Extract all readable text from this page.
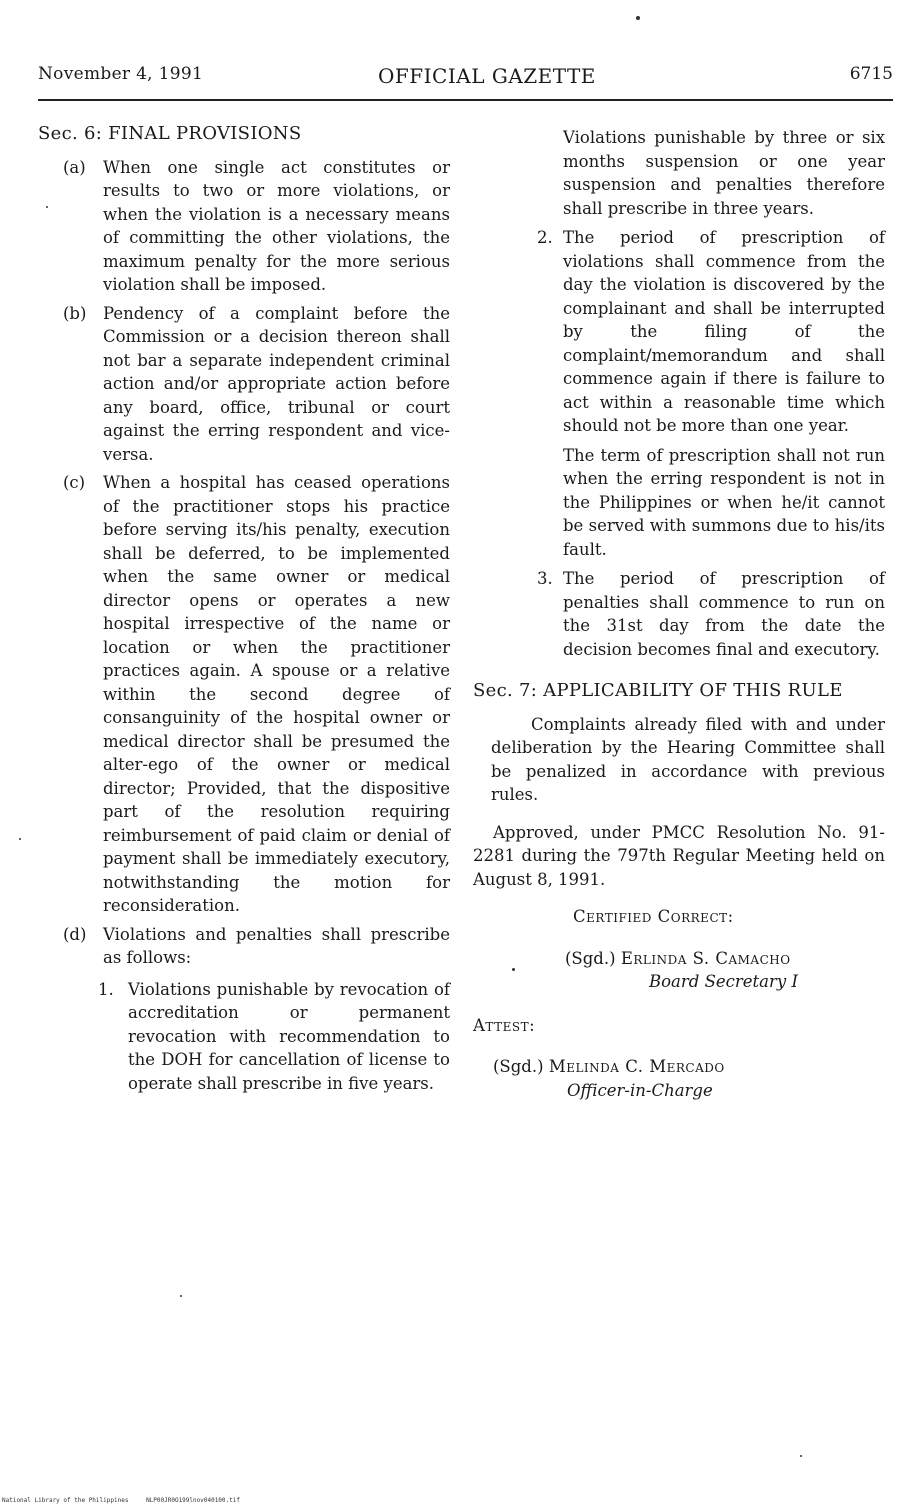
November 4, 1991	OFFICIAL GAZETTE	6715
Sec. 6: FINAL PROVISIONS
(a) When one single act constitutes or results to two or more violations, or when the violation is a necessary means of committing the other violations, the maximum penalty for the more serious violation shall be imposed.
(b) Pendency of a complaint before the Commission or a decision thereon shall not bar a separate independent criminal action and/or appropriate action before any board, office, tribunal or court against the erring respondent and vice-versa.
(c) When a hospital has ceased operations of the practitioner stops his practice before serving its/his penalty, execution shall be deferred, to be implemented when the same owner or medical director opens or operates a new hospital irrespective of the name or location or when the practitioner practices again. A spouse or a relative within the second degree of consanguinity of the hospital owner or medical director shall be presumed the alter-ego of the owner or medical director; Provided, that the dispositive part of the resolution requiring reimbursement of paid claim or denial of payment shall be immediately executory, notwithstanding the motion for reconsideration.
(d) Violations and penalties shall prescribe as follows:
1. Violations punishable by revocation of accreditation or permanent revocation with recommendation to the DOH for cancellation of license to operate shall prescribe in five years.
Violations punishable by three or six months suspension or one year suspension and penalties therefore shall prescribe in three years.
2. The period of prescription of violations shall commence from the day the violation is discovered by the complainant and shall be interrupted by the filing of the complaint/memorandum and shall commence again if there is failure to act within a reasonable time which should not be more than one year.
The term of prescription shall not run when the erring respondent is not in the Philippines or when he/it cannot be served with summons due to his/its fault.
3. The period of prescription of penalties shall commence to run on the 31st day from the date the decision becomes final and executory.
Sec. 7: APPLICABILITY OF THIS RULE
Complaints already filed with and under deliberation by the Hearing Committee shall be penalized in accordance with previous rules.
Approved, under PMCC Resolution No. 91-2281 during the 797th Regular Meeting held on August 8, 1991.
Certified Correct:
(Sgd.) Erlinda S. Camacho
Board Secretary I
Attest:
(Sgd.) Melinda C. Mercado
Officer-in-Charge
National Library of the Philippines	NLP00JR0O199lnov040100.tif
